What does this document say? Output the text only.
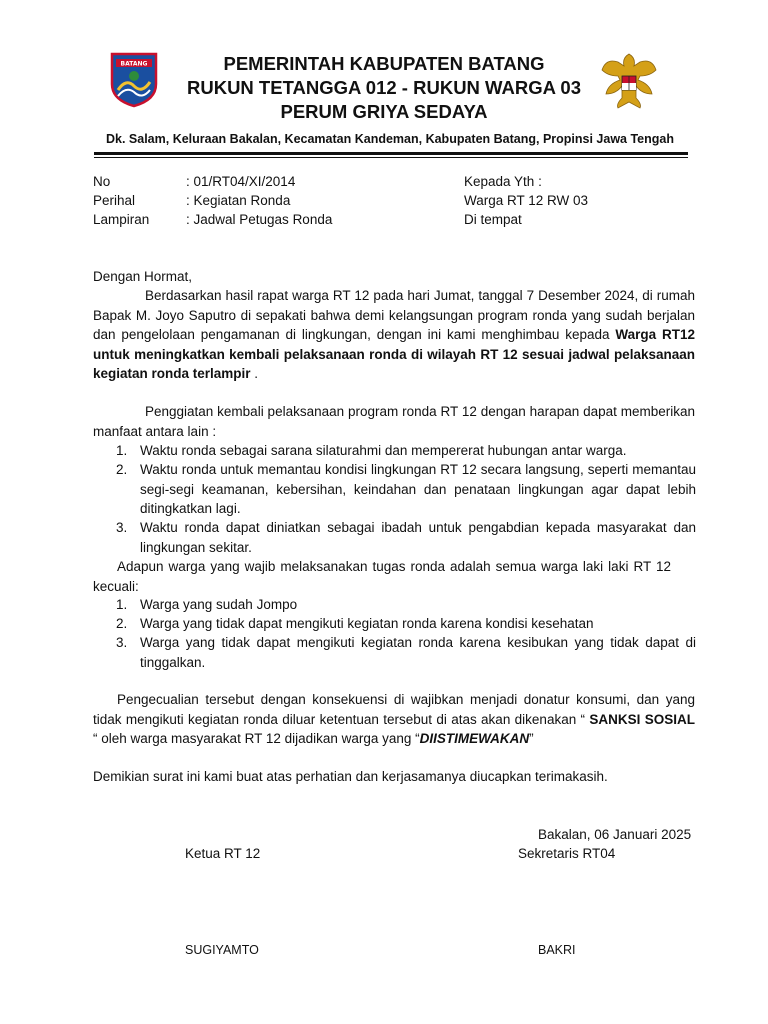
BATANG	PEMERINTAH KABUPATEN BATANG
RUKUN TETANGGA 012 - RUKUN WARGA 03
PERUM GRIYA SEDAYA
Dk. Salam, Keluraan Bakalan, Kecamatan Kandeman, Kabupaten Batang, Propinsi Jawa Tengah
No	: 01/RT04/XI/2014
Perihal	: Kegiatan Ronda
Lampiran	: Jadwal Petugas Ronda
Kepada Yth :
Warga RT 12 RW 03
Di tempat
Dengan Hormat,
Berdasarkan hasil rapat warga RT 12 pada hari Jumat, tanggal 7 Desember 2024, di rumah Bapak M. Joyo Saputro di sepakati bahwa demi kelangsungan program ronda yang sudah berjalan dan pengelolaan pengamanan di lingkungan, dengan ini kami menghimbau kepada Warga RT12 untuk meningkatkan kembali pelaksanaan ronda di wilayah RT 12 sesuai jadwal pelaksanaan kegiatan ronda terlampir .
Penggiatan kembali pelaksanaan program ronda RT 12 dengan harapan dapat memberikan manfaat antara lain :
1. Waktu ronda sebagai sarana silaturahmi dan mempererat hubungan antar warga.
2. Waktu ronda untuk memantau kondisi lingkungan RT 12 secara langsung, seperti memantau segi-segi keamanan, kebersihan, keindahan dan penataan lingkungan agar dapat lebih ditingkatkan lagi.
3. Waktu ronda dapat diniatkan sebagai ibadah untuk pengabdian kepada masyarakat dan lingkungan sekitar.
Adapun warga yang wajib melaksanakan tugas ronda adalah semua warga laki laki RT 12 kecuali:
1. Warga yang sudah Jompo
2. Warga yang tidak dapat mengikuti kegiatan ronda karena kondisi kesehatan
3. Warga yang tidak dapat mengikuti kegiatan ronda karena kesibukan yang tidak dapat di tinggalkan.
Pengecualian tersebut dengan konsekuensi di wajibkan menjadi donatur konsumi, dan yang tidak mengikuti kegiatan ronda diluar ketentuan tersebut di atas akan dikenakan “ SANKSI SOSIAL “ oleh warga masyarakat RT 12 dijadikan warga yang “DIISTIMEWAKAN”
Demikian surat ini kami buat atas perhatian dan kerjasamanya diucapkan terimakasih.
Bakalan, 06 Januari 2025
Ketua RT 12	Sekretaris RT04
SUGIYAMTO	BAKRI
